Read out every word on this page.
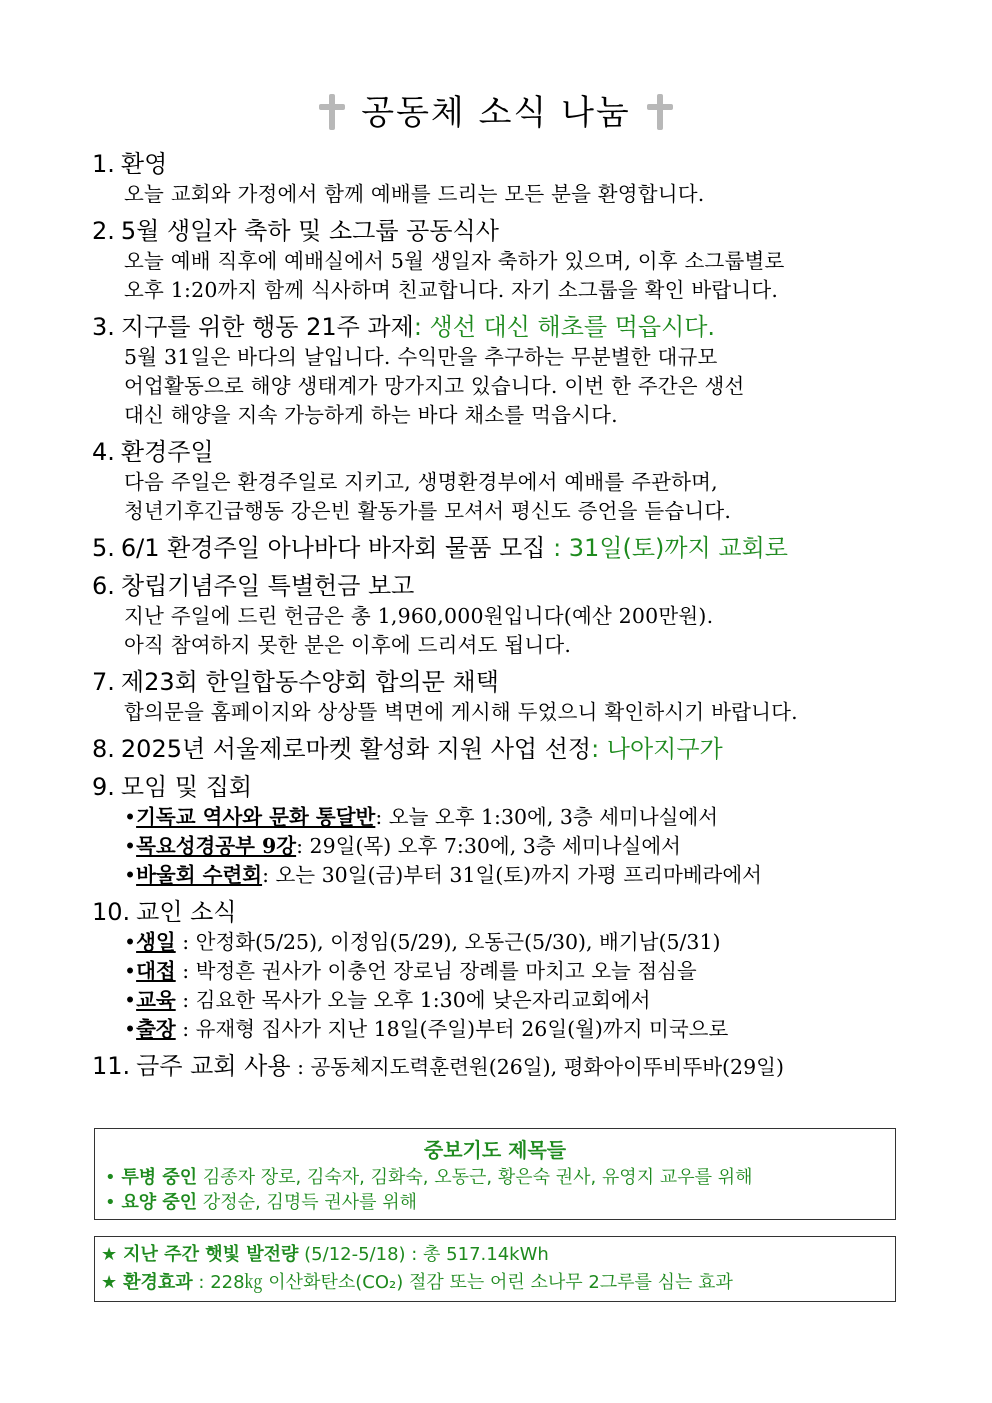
공동체 소식 나눔
1. 환영
오늘 교회와 가정에서 함께 예배를 드리는 모든 분을 환영합니다.
2. 5월 생일자 축하 및 소그룹 공동식사
오늘 예배 직후에 예배실에서 5월 생일자 축하가 있으며, 이후 소그룹별로
오후 1:20까지 함께 식사하며 친교합니다. 자기 소그룹을 확인 바랍니다.
3. 지구를 위한 행동 21주 과제: 생선 대신 해초를 먹읍시다.
5월 31일은 바다의 날입니다. 수익만을 추구하는 무분별한 대규모
어업활동으로 해양 생태계가 망가지고 있습니다. 이번 한 주간은 생선
대신 해양을 지속 가능하게 하는 바다 채소를 먹읍시다.
4. 환경주일
다음 주일은 환경주일로 지키고, 생명환경부에서 예배를 주관하며,
청년기후긴급행동 강은빈 활동가를 모셔서 평신도 증언을 듣습니다.
5. 6/1 환경주일 아나바다 바자회 물품 모집 : 31일(토)까지 교회로
6. 창립기념주일 특별헌금 보고
지난 주일에 드린 헌금은 총 1,960,000원입니다(예산 200만원).
아직 참여하지 못한 분은 이후에 드리셔도 됩니다.
7. 제23회 한일합동수양회 합의문 채택
합의문을 홈페이지와 상상뜰 벽면에 게시해 두었으니 확인하시기 바랍니다.
8. 2025년 서울제로마켓 활성화 지원 사업 선정: 나아지구가
9. 모임 및 집회
•기독교 역사와 문화 통달반: 오늘 오후 1:30에, 3층 세미나실에서
•목요성경공부 9강: 29일(목) 오후 7:30에, 3층 세미나실에서
•바울회 수련회: 오는 30일(금)부터 31일(토)까지 가평 프리마베라에서
10. 교인 소식
•생일 : 안정화(5/25), 이정임(5/29), 오동근(5/30), 배기남(5/31)
•대접 : 박정흔 권사가 이충언 장로님 장례를 마치고 오늘 점심을
•교육 : 김요한 목사가 오늘 오후 1:30에 낮은자리교회에서
•출장 : 유재형 집사가 지난 18일(주일)부터 26일(월)까지 미국으로
11. 금주 교회 사용 : 공동체지도력훈련원(26일), 평화아이뚜비뚜바(29일)
중보기도 제목들
• 투병 중인 김종자 장로, 김숙자, 김화숙, 오동근, 황은숙 권사, 유영지 교우를 위해
• 요양 중인 강정순, 김명득 권사를 위해
★ 지난 주간 햇빛 발전량 (5/12-5/18) : 총 517.14kWh
★ 환경효과 : 228㎏ 이산화탄소(CO₂) 절감 또는 어린 소나무 2그루를 심는 효과
